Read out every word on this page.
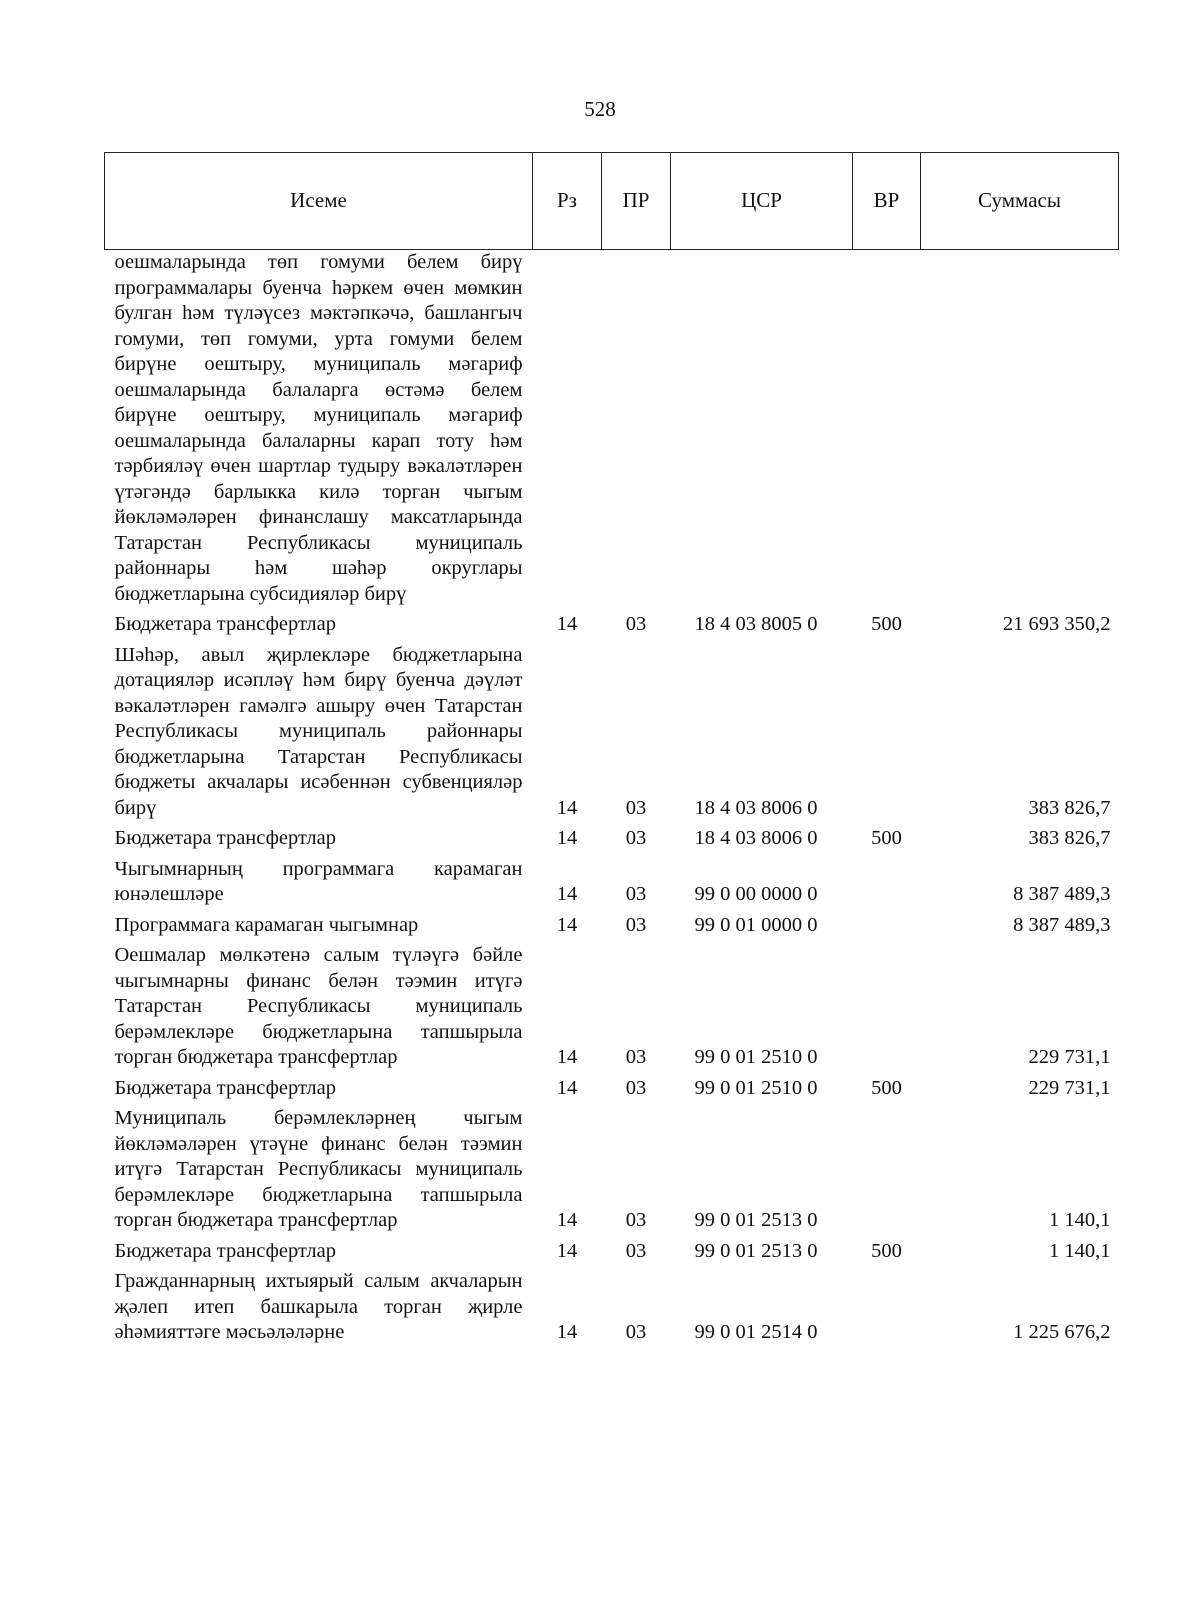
528
Исеме	Рз	ПР	ЦСР	ВР	Суммасы
оешмаларында төп гомуми белем бирү программалары буенча һәркем өчен мөмкин булган һәм түләүсез мәктәпкәчә, башлангыч гомуми, төп гомуми, урта гомуми белем бирүне оештыру, муниципаль мәгариф оешмаларында балаларга өстәмә белем бирүне оештыру, муниципаль мәгариф оешмаларында балаларны карап тоту һәм тәрбияләү өчен шартлар тудыру вәкаләтләрен үтәгәндә барлыкка килә торган чыгым йөкләмәләрен финанслашу максатларында Татарстан Республикасы муниципаль районнары һәм шәһәр округлары бюджетларына субсидияләр бирү					
Бюджетара трансфертлар	14	03	18 4 03 8005 0	500	21 693 350,2
Шәһәр, авыл җирлекләре бюджетларына дотацияләр исәпләү һәм бирү буенча дәүләт вәкаләтләрен гамәлгә ашыру өчен Татарстан Республикасы муниципаль районнары бюджетларына Татарстан Республикасы бюджеты акчалары исәбеннән субвенцияләр бирү	14	03	18 4 03 8006 0		383 826,7
Бюджетара трансфертлар	14	03	18 4 03 8006 0	500	383 826,7
Чыгымнарның программага карамаган юнәлешләре	14	03	99 0 00 0000 0		8 387 489,3
Программага карамаган чыгымнар	14	03	99 0 01 0000 0		8 387 489,3
Оешмалар мөлкәтенә салым түләүгә бәйле чыгымнарны финанс белән тәэмин итүгә Татарстан Республикасы муниципаль берәмлекләре бюджетларына тапшырыла торган бюджетара трансфертлар	14	03	99 0 01 2510 0		229 731,1
Бюджетара трансфертлар	14	03	99 0 01 2510 0	500	229 731,1
Муниципаль берәмлекләрнең чыгым йөкләмәләрен үтәүне финанс белән тәэмин итүгә Татарстан Республикасы муниципаль берәмлекләре бюджетларына тапшырыла торган бюджетара трансфертлар	14	03	99 0 01 2513 0		1 140,1
Бюджетара трансфертлар	14	03	99 0 01 2513 0	500	1 140,1
Гражданнарның ихтыярый салым акчаларын җәлеп итеп башкарыла торган җирле әһәмияттәге мәсьәләләрне	14	03	99 0 01 2514 0		1 225 676,2
